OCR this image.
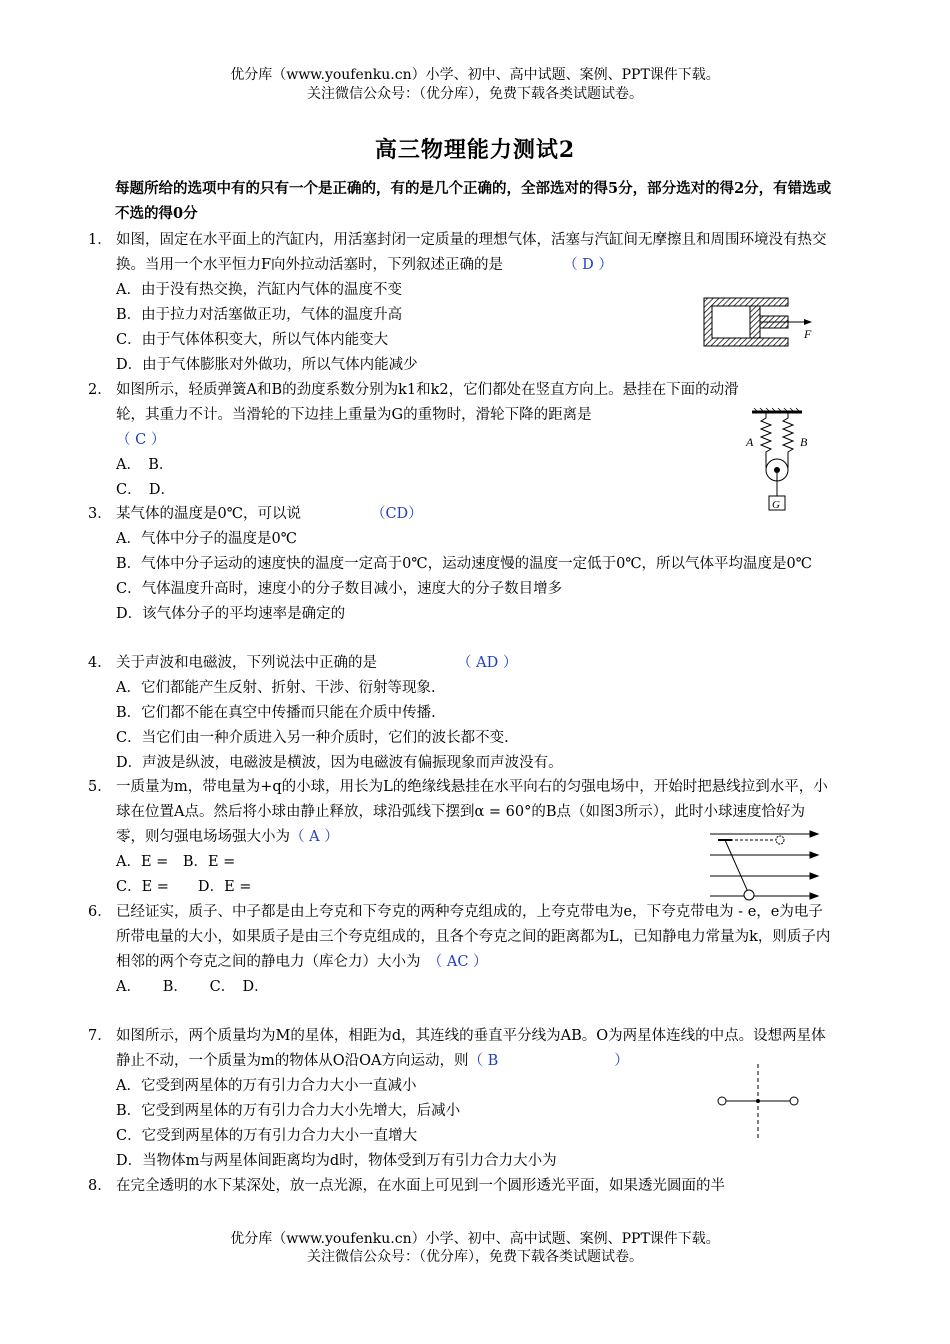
优分库（www.youfenku.cn）小学、初中、高中试题、案例、PPT课件下载。
关注微信公众号：（优分库），免费下载各类试题试卷。
高三物理能力测试2
每题所给的选项中有的只有一个是正确的，有的是几个正确的，全部选对的得5分，部分选对的得2分，有错选或不选的得0分
1． 如图，固定在水平面上的汽缸内，用活塞封闭一定质量的理想气体，活塞与汽缸间无摩擦且和周围环境没有热交换。当用一个水平恒力F向外拉动活塞时，下列叙述正确的是	（ D ）
A．由于没有热交换，汽缸内气体的温度不变
B．由于拉力对活塞做正功，气体的温度升高
C．由于气体体积变大，所以气体内能变大
D．由于气体膨胀对外做功，所以气体内能减少
F
2． 如图所示，轻质弹簧A和B的劲度系数分别为k1和k2，它们都处在竖直方向上。悬挂在下面的动滑轮，其重力不计。当滑轮的下边挂上重量为G的重物时，滑轮下降的距离是
（ C ）
A．　B．
C．　D．
A	B
G
3． 某气体的温度是0℃，可以说	（CD）
A．气体中分子的温度是0℃
B．气体中分子运动的速度快的温度一定高于0℃，运动速度慢的温度一定低于0℃，所以气体平均温度是0℃
C．气体温度升高时，速度小的分子数目减小，速度大的分子数目增多
D．该气体分子的平均速率是确定的
4． 关于声波和电磁波，下列说法中正确的是	（ AD ）
A．它们都能产生反射、折射、干涉、衍射等现象.
B．它们都不能在真空中传播而只能在介质中传播.
C．当它们由一种介质进入另一种介质时，它们的波长都不变.
D．声波是纵波，电磁波是横波，因为电磁波有偏振现象而声波没有。
5． 一质量为m，带电量为+q的小球，用长为L的绝缘线悬挂在水平向右的匀强电场中，开始时把悬线拉到水平，小球在位置A点。然后将小球由静止释放，球沿弧线下摆到α = 60°的B点（如图3所示），此时小球速度恰好为零，则匀强电场场强大小为（ A ）
A．E =　B．E =
C．E =　　D．E =
6． 已经证实，质子、中子都是由上夸克和下夸克的两种夸克组成的，上夸克带电为e，下夸克带电为 - e，e为电子所带电量的大小，如果质子是由三个夸克组成的，且各个夸克之间的距离都为L，已知静电力常量为k，则质子内相邻的两个夸克之间的静电力（库仑力）大小为　 （ AC ）
A．　　B．　　C．　D．
7． 如图所示，两个质量均为M的星体，相距为d，其连线的垂直平分线为AB。O为两星体连线的中点。设想两星体静止不动，一个质量为m的物体从O沿OA方向运动，则（ B　　　　　　　　）
A．它受到两星体的万有引力合力大小一直减小
B．它受到两星体的万有引力合力大小先增大，后减小
C．它受到两星体的万有引力合力大小一直增大
D．当物体m与两星体间距离均为d时，物体受到万有引力合力大小为
8． 在完全透明的水下某深处，放一点光源，在水面上可见到一个圆形透光平面，如果透光圆面的半
优分库（www.youfenku.cn）小学、初中、高中试题、案例、PPT课件下载。
关注微信公众号：（优分库），免费下载各类试题试卷。
